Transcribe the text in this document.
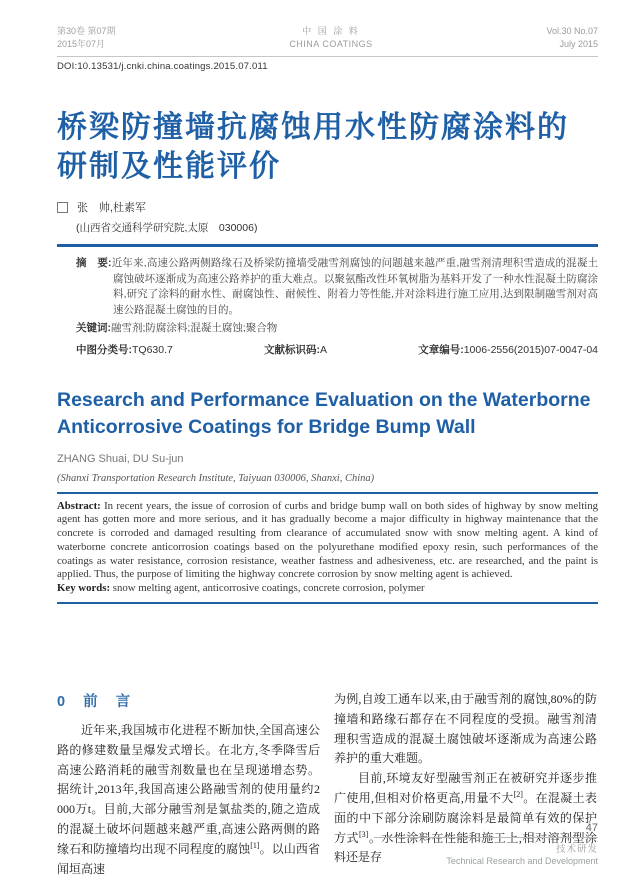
第30卷 第07期
2015年07月
中 国 涂 料
CHINA COATINGS
Vol.30 No.07
July 2015
DOI:10.13531/j.cnki.china.coatings.2015.07.011
桥梁防撞墙抗腐蚀用水性防腐涂料的
研制及性能评价
张　帅,杜素军
(山西省交通科学研究院,太原　030006)

摘　要:近年来,高速公路两侧路缘石及桥梁防撞墙受融雪剂腐蚀的问题越来越严重,融雪剂清理积雪造成的混凝土腐蚀破坏逐渐成为高速公路养护的重大难点。以聚氨酯改性环氧树脂为基料开发了一种水性混凝土防腐涂料,研究了涂料的耐水性、耐腐蚀性、耐候性、附着力等性能,并对涂料进行施工应用,达到限制融雪剂对高速公路混凝土腐蚀的目的。

关键词:融雪剂;防腐涂料;混凝土腐蚀;聚合物

中图分类号:TQ630.7	文献标识码:A	文章编号:1006-2556(2015)07-0047-04
Research and Performance Evaluation on the Waterborne
Anticorrosive Coatings for Bridge Bump Wall
ZHANG Shuai, DU Su-jun
(Shanxi Transportation Research Institute, Taiyuan 030006, Shanxi, China)

Abstract: In recent years, the issue of corrosion of curbs and bridge bump wall on both sides of highway by snow melting agent has gotten more and more serious, and it has gradually become a major difficulty in highway maintenance that the concrete is corroded and damaged resulting from clearance of accumulated snow with snow melting agent. A kind of waterborne concrete anticorrosion coatings based on the polyurethane modified epoxy resin, such performances of the coatings as water resistance, corrosion resistance, weather fastness and adhesiveness, etc. are researched, and the paint is applied. Thus, the purpose of limiting the highway concrete corrosion by snow melting agent is achieved.

Key words: snow melting agent, anticorrosive coatings, concrete corrosion, polymer

0 前 言

近年来,我国城市化进程不断加快,全国高速公路的修建数量呈爆发式增长。在北方,冬季降雪后高速公路消耗的融雪剂数量也在呈现递增态势。据统计,2013年,我国高速公路融雪剂的使用量约2 000万t。目前,大部分融雪剂是氯盐类的,随之造成的混凝土破坏问题越来越严重,高速公路两侧的路缘石和防撞墙均出现不同程度的腐蚀[1]。以山西省闻垣高速

为例,自竣工通车以来,由于融雪剂的腐蚀,80%的防撞墙和路缘石都存在不同程度的受损。融雪剂清理积雪造成的混凝土腐蚀破坏逐渐成为高速公路养护的重大难题。

目前,环境友好型融雪剂正在被研究并逐步推广使用,但相对价格更高,用量不大[2]。在混凝土表面的中下部分涂刷防腐涂料是最简单有效的保护方式[3]。水性涂料在性能和施工上,相对溶剂型涂料还是存

47
技术研发
Technical Research and Development
